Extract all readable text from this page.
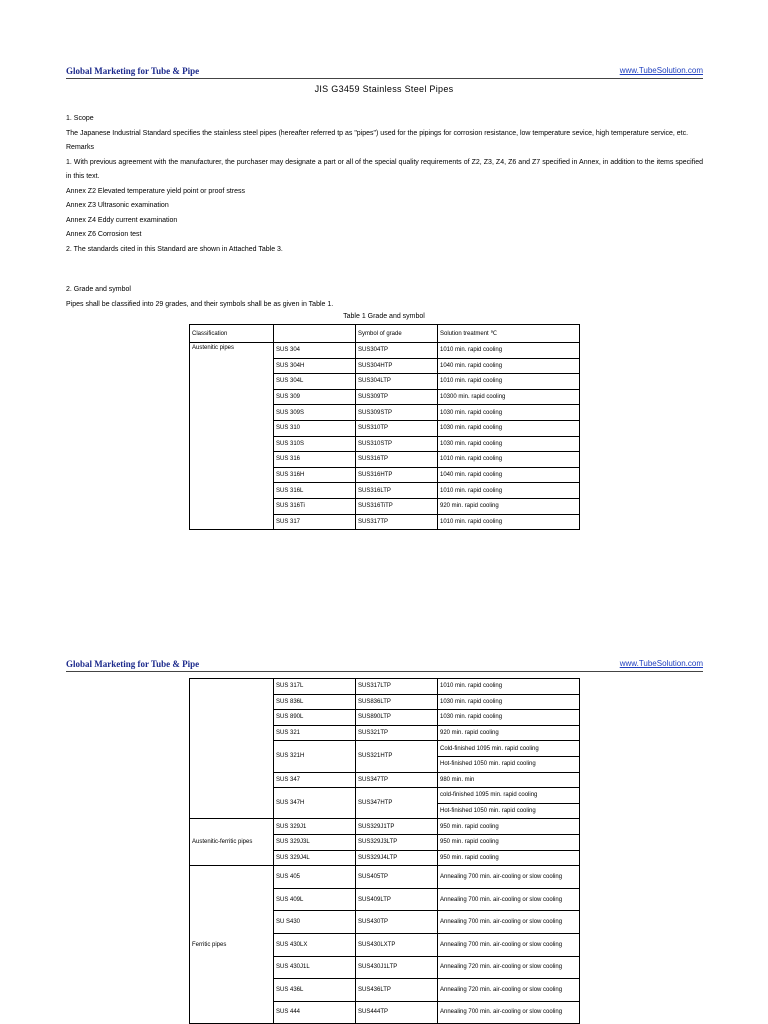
Global Marketing for Tube & Pipe	www.TubeSolution.com
JIS G3459 Stainless Steel Pipes

1. Scope

The Japanese Industrial Standard specifies the stainless steel pipes (hereafter referred tp as "pipes") used for the pipings for corrosion resistance, low temperature sevice, high temperature service, etc.

Remarks

1. With previous agreement with the manufacturer, the purchaser may designate a part or all of the special quality requirements of Z2, Z3, Z4, Z6 and Z7 specified in Annex, in addition to the items specified in this text.

Annex Z2 Elevated temperature yield point or proof stress

Annex Z3 Ultrasonic examination

Annex Z4 Eddy current examination

Annex Z6 Corrosion test

2. The standards cited in this Standard are shown in Attached Table 3.

2. Grade and symbol

Pipes shall be classified into 29 grades, and their symbols shall be as given in Table 1.

Table 1 Grade and symbol
Classification		Symbol of grade	Solution treatment ℃
Austenitic pipes	SUS 304	SUS304TP	1010 min. rapid cooling
	SUS 304H	SUS304HTP	1040 min. rapid cooling
	SUS 304L	SUS304LTP	1010 min. rapid cooling
	SUS 309	SUS309TP	10300 min. rapid cooling
	SUS 309S	SUS309STP	1030 min. rapid cooling
	SUS 310	SUS310TP	1030 min. rapid cooling
	SUS 310S	SUS310STP	1030 min. rapid cooling
	SUS 316	SUS316TP	1010 min. rapid cooling
	SUS 316H	SUS316HTP	1040 min. rapid cooling
	SUS 316L	SUS316LTP	1010 min. rapid cooling
	SUS 316Ti	SUS316TiTP	920 min. rapid cooling
	SUS 317	SUS317TP	1010 min. rapid cooling
Global Marketing for Tube & Pipe	www.TubeSolution.com
	SUS 317L	SUS317LTP	1010 min. rapid cooling
	SUS 836L	SUS836LTP	1030 min. rapid cooling
	SUS 890L	SUS890LTP	1030 min. rapid cooling
	SUS 321	SUS321TP	920 min. rapid cooling
	SUS 321H	SUS321HTP	Cold-finished 1095 min. rapid cooling
			Hot-finished 1050 min. rapid cooling
	SUS 347	SUS347TP	980 min. min
	SUS 347H	SUS347HTP	cold-finished 1095 min. rapid cooling
			Hot-finished 1050 min. rapid cooling
Austenitic-ferritic pipes	SUS 329J1	SUS329J1TP	950 min. rapid cooling
	SUS 329J3L	SUS329J3LTP	950 min. rapid cooling
	SUS 329J4L	SUS329J4LTP	950 min. rapid cooling
Ferritic pipes	SUS 405	SUS405TP	Annealing 700 min. air-cooling or slow cooling
	SUS 409L	SUS409LTP	Annealing 700 min. air-cooling or slow cooling
	SU S430	SUS430TP	Annealing 700 min. air-cooling or slow cooling
	SUS 430LX	SUS430LXTP	Annealing 700 min. air-cooling or slow cooling
	SUS 430J1L	SUS430J1LTP	Annealing 720 min. air-cooling or slow cooling
	SUS 436L	SUS436LTP	Annealing 720 min. air-cooling or slow cooling
	SUS 444	SUS444TP	Annealing 700 min. air-cooling or slow cooling
